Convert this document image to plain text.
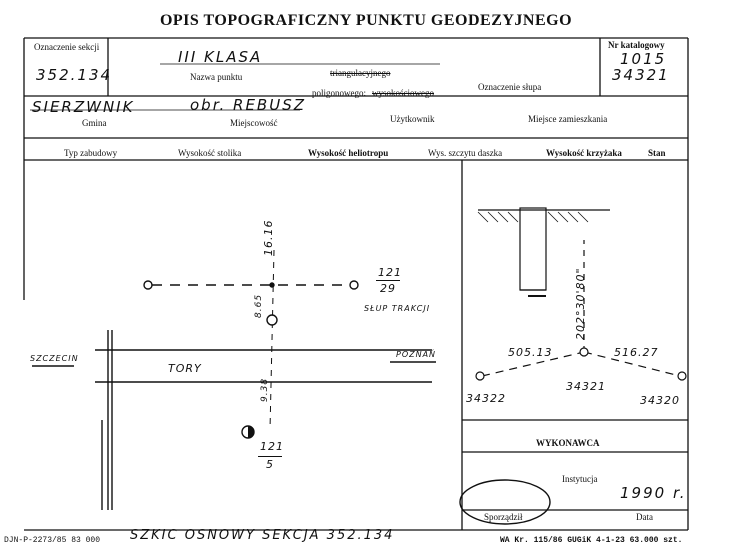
OPIS TOPOGRAFICZNY PUNKTU GEODEZYJNEGO
Oznaczenie sekcji
352.134
III KLASA
Nazwa punktu	triangulacyjnego
poligonowego: wysokościowego
Oznaczenie słupa
Nr katalogowy
1015
34321
SIERZWNIK	obr. REBUSZ
Gmina	Miejscowość	Użytkownik	Miejsce zamieszkania
Typ zabudowy	Wysokość stolika	Wysokość heliotropu	Wys. szczytu daszka	Wysokość krzyżaka	Stan
16.16
8.65
9.38
121
29
SŁUP TRAKCJI
TORY
SZCZECIN	POZNAŃ
121
5
202°30'80"
505.13	516.27
34321
34322	34320
WYKONAWCA
Instytucja
1990 r.
Sporządził	Data
DJN-P-2273/85 83 000 SZKIC OSNOWY SEKCJA 352.134	WA Kr. 115/86 GUGiK 4-1-23 63.000 szt.
